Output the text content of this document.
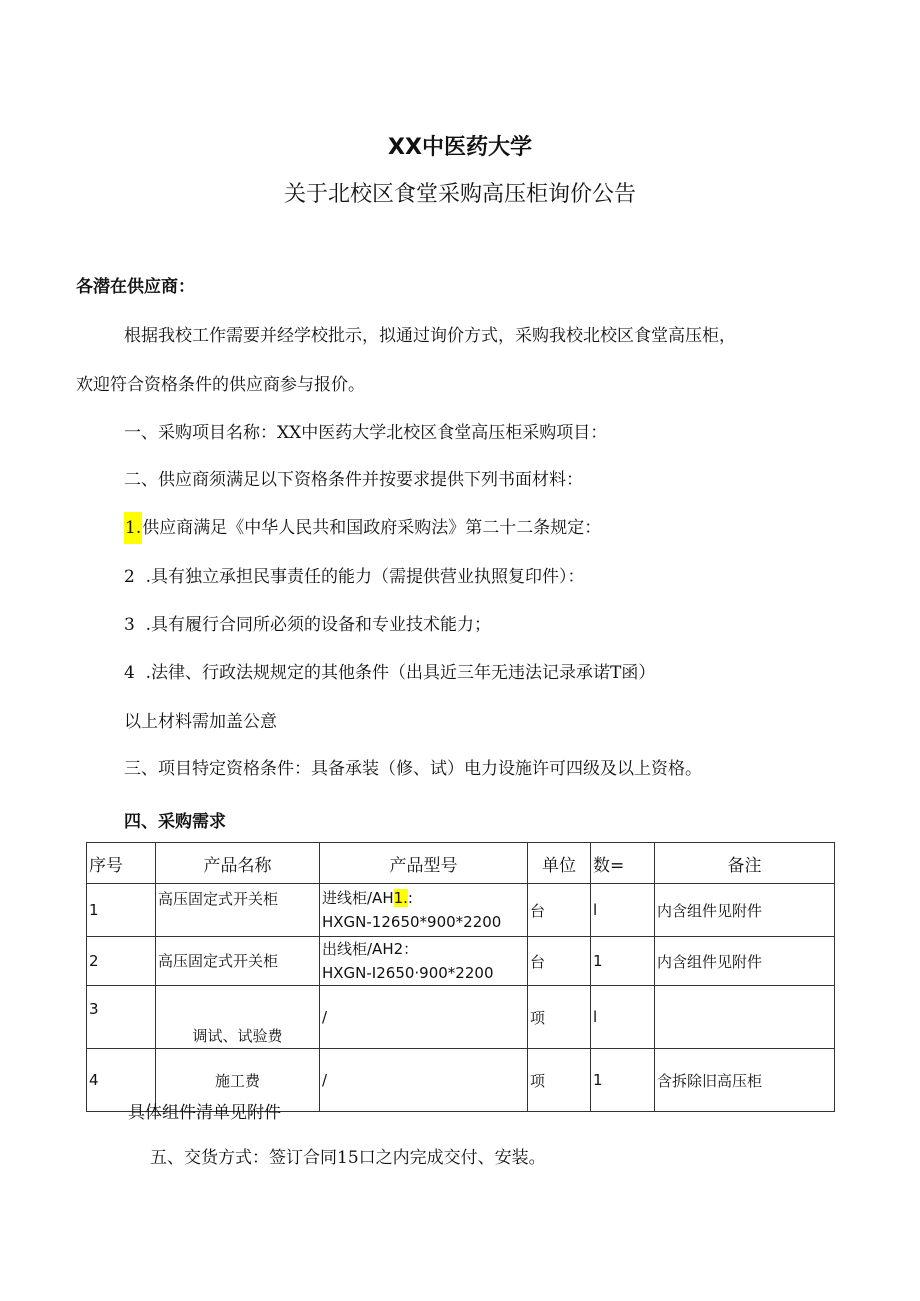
XX中医药大学
关于北校区食堂采购高压柜询价公告
各潜在供应商：
根据我校工作需要并经学校批示，拟通过询价方式，采购我校北校区食堂高压柜，
欢迎符合资格条件的供应商参与报价。
一、采购项目名称：XX中医药大学北校区食堂高压柜采购项目：
二、供应商须满足以下资格条件并按要求提供下列书面材料：
1.供应商满足《中华人民共和国政府采购法》第二十二条规定：
2  .具有独立承担民事责任的能力（需提供营业执照复印件）：
3  .具有履行合同所必须的设备和专业技术能力；
4  .法律、行政法规规定的其他条件（出具近三年无违法记录承诺T函）
以上材料需加盖公意
三、项目特定资格条件：具备承装（修、试）电力设施许可四级及以上资格。
四、采购需求
序号	产品名称	产品型号	单位	数=	备注
1	高压固定式开关柜	进线柜/AH1.:
HXGN-12650*900*2200	台	l	内含组件见附件
2	高压固定式开关柜	出线柜/AH2：
HXGN-I2650·900*2200	台	1	内含组件见附件
3	调试、试验费	/	项	l	
4	施工费	/	项	1	含拆除旧高压柜
具体组件清单见附件
五、交货方式：签订合同15口之内完成交付、安装。
